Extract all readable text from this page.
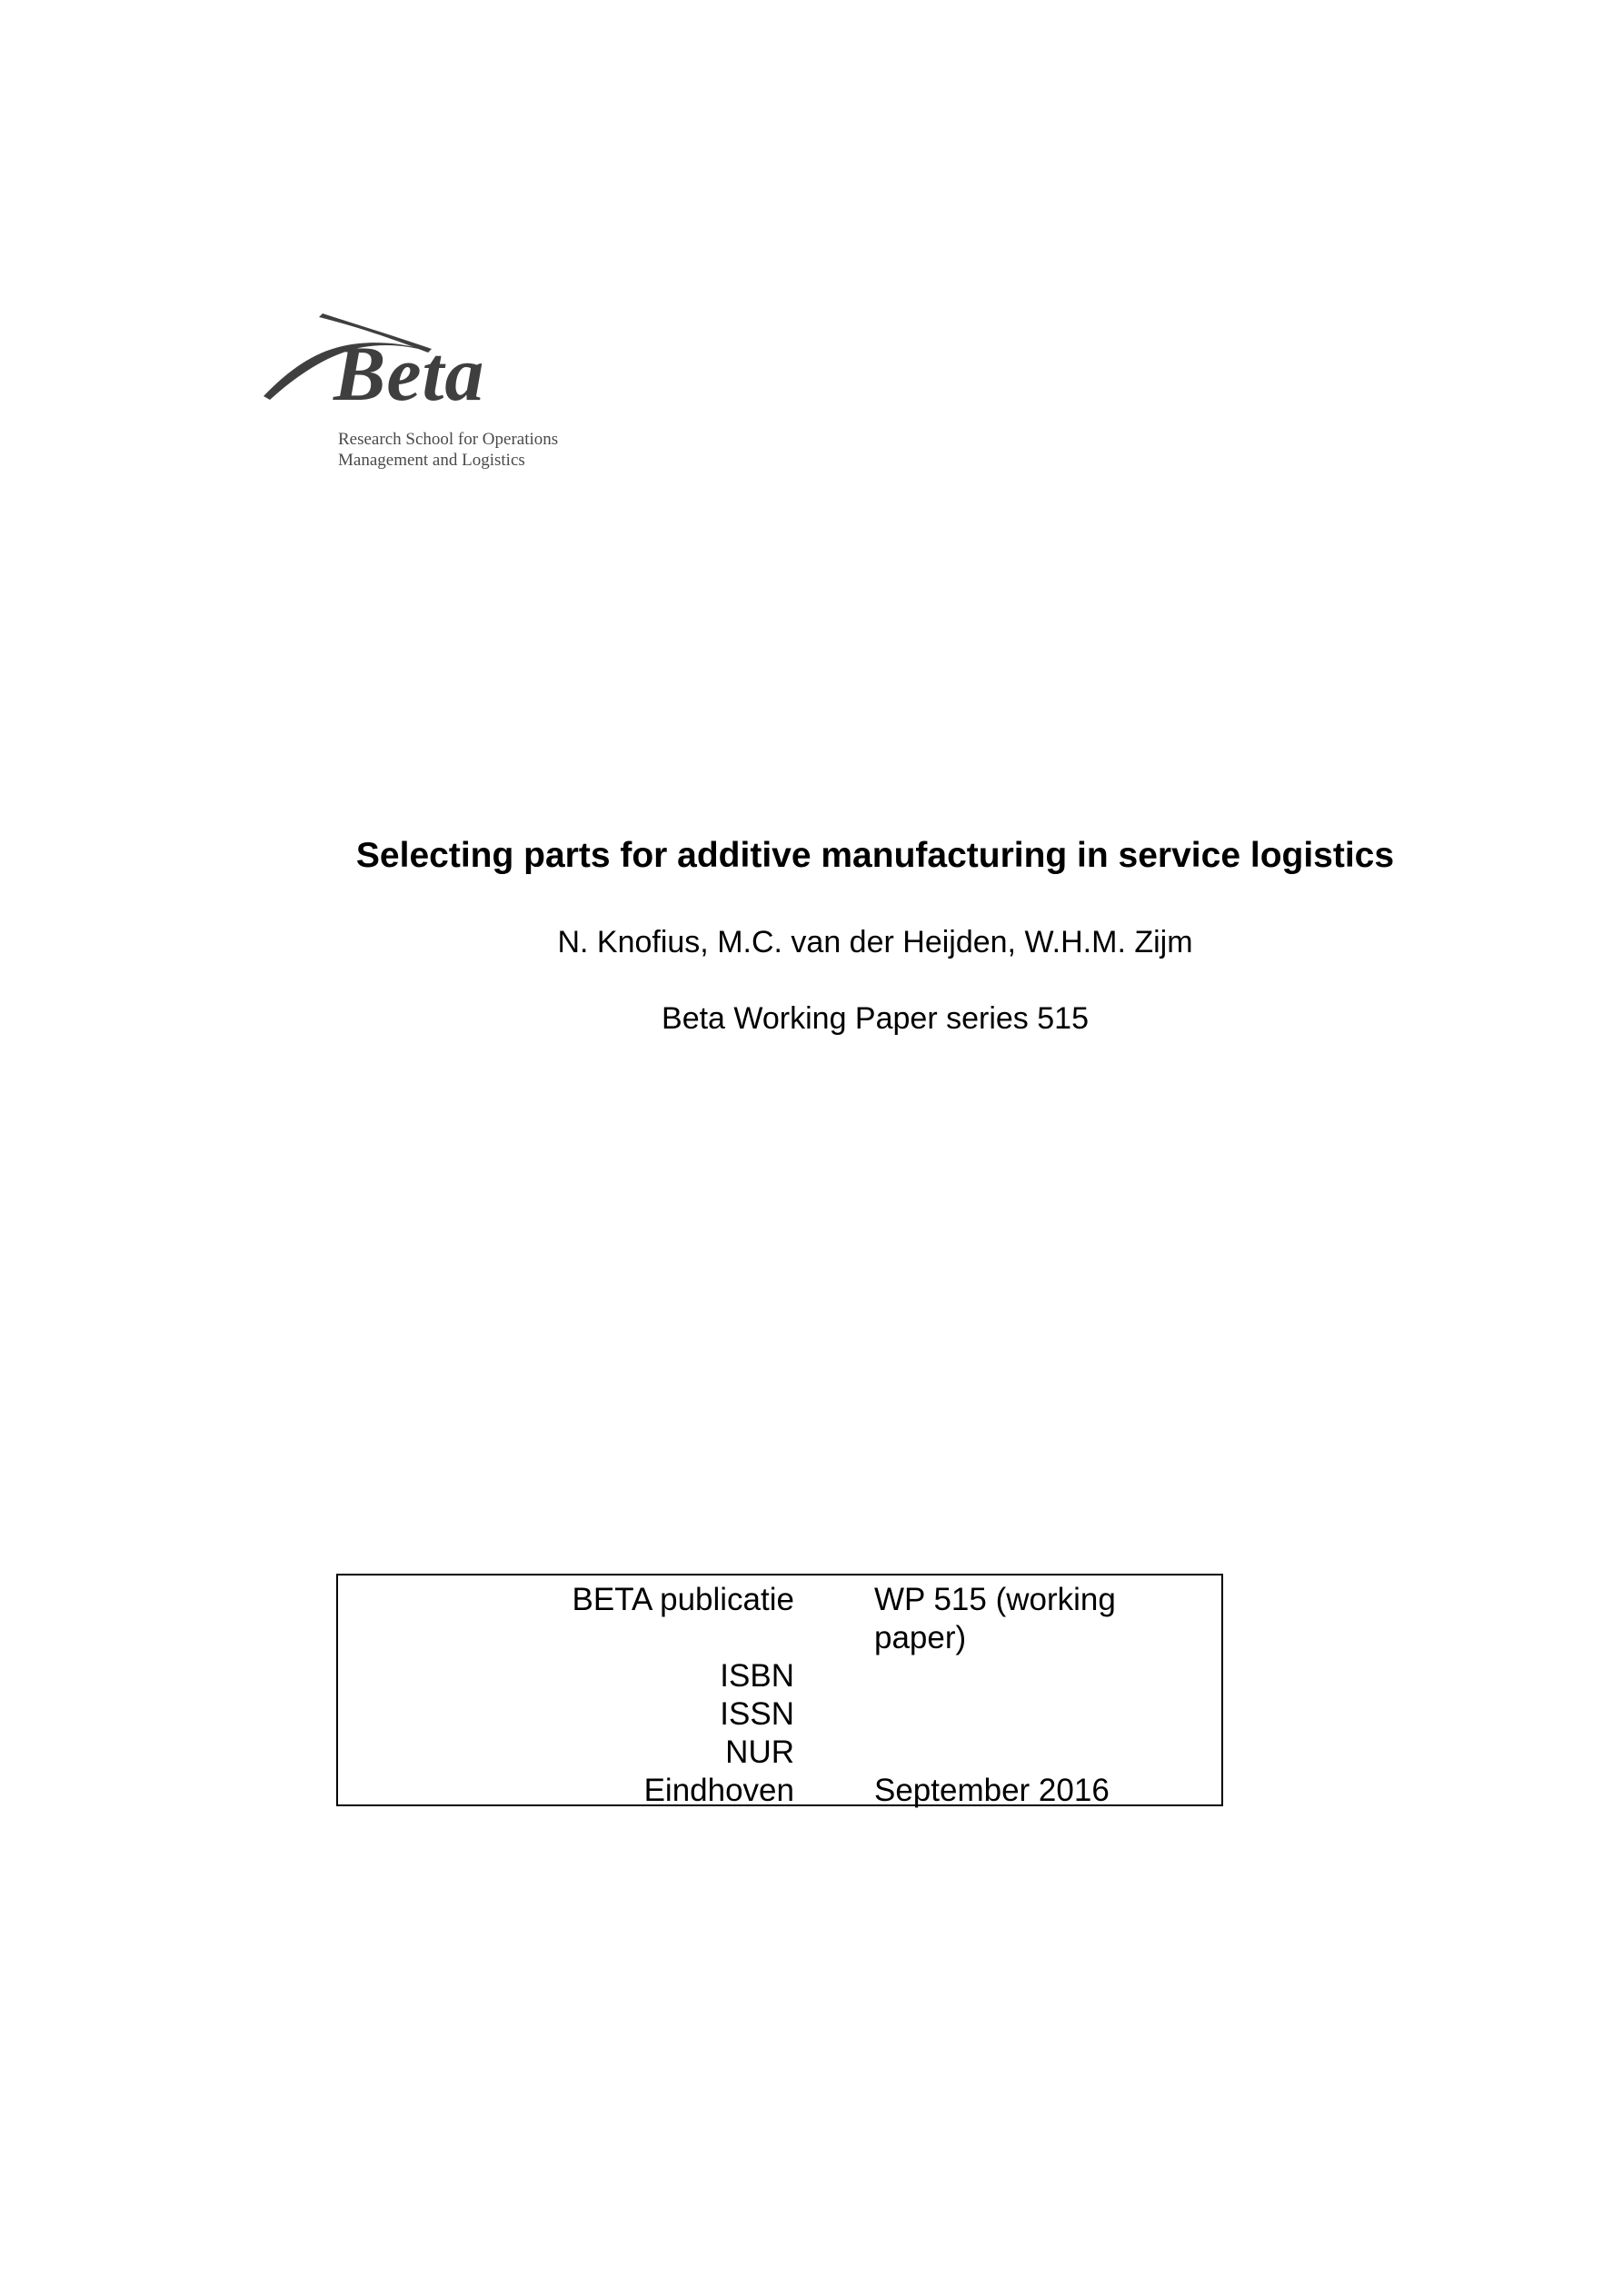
Beta
Research School for Operations
Management and Logistics
Selecting parts for additive manufacturing in service logistics
N. Knofius, M.C. van der Heijden, W.H.M. Zijm
Beta Working Paper series 515
BETA publicatie
ISBN
ISSN
NUR
Eindhoven
WP 515 (working paper)
September 2016
